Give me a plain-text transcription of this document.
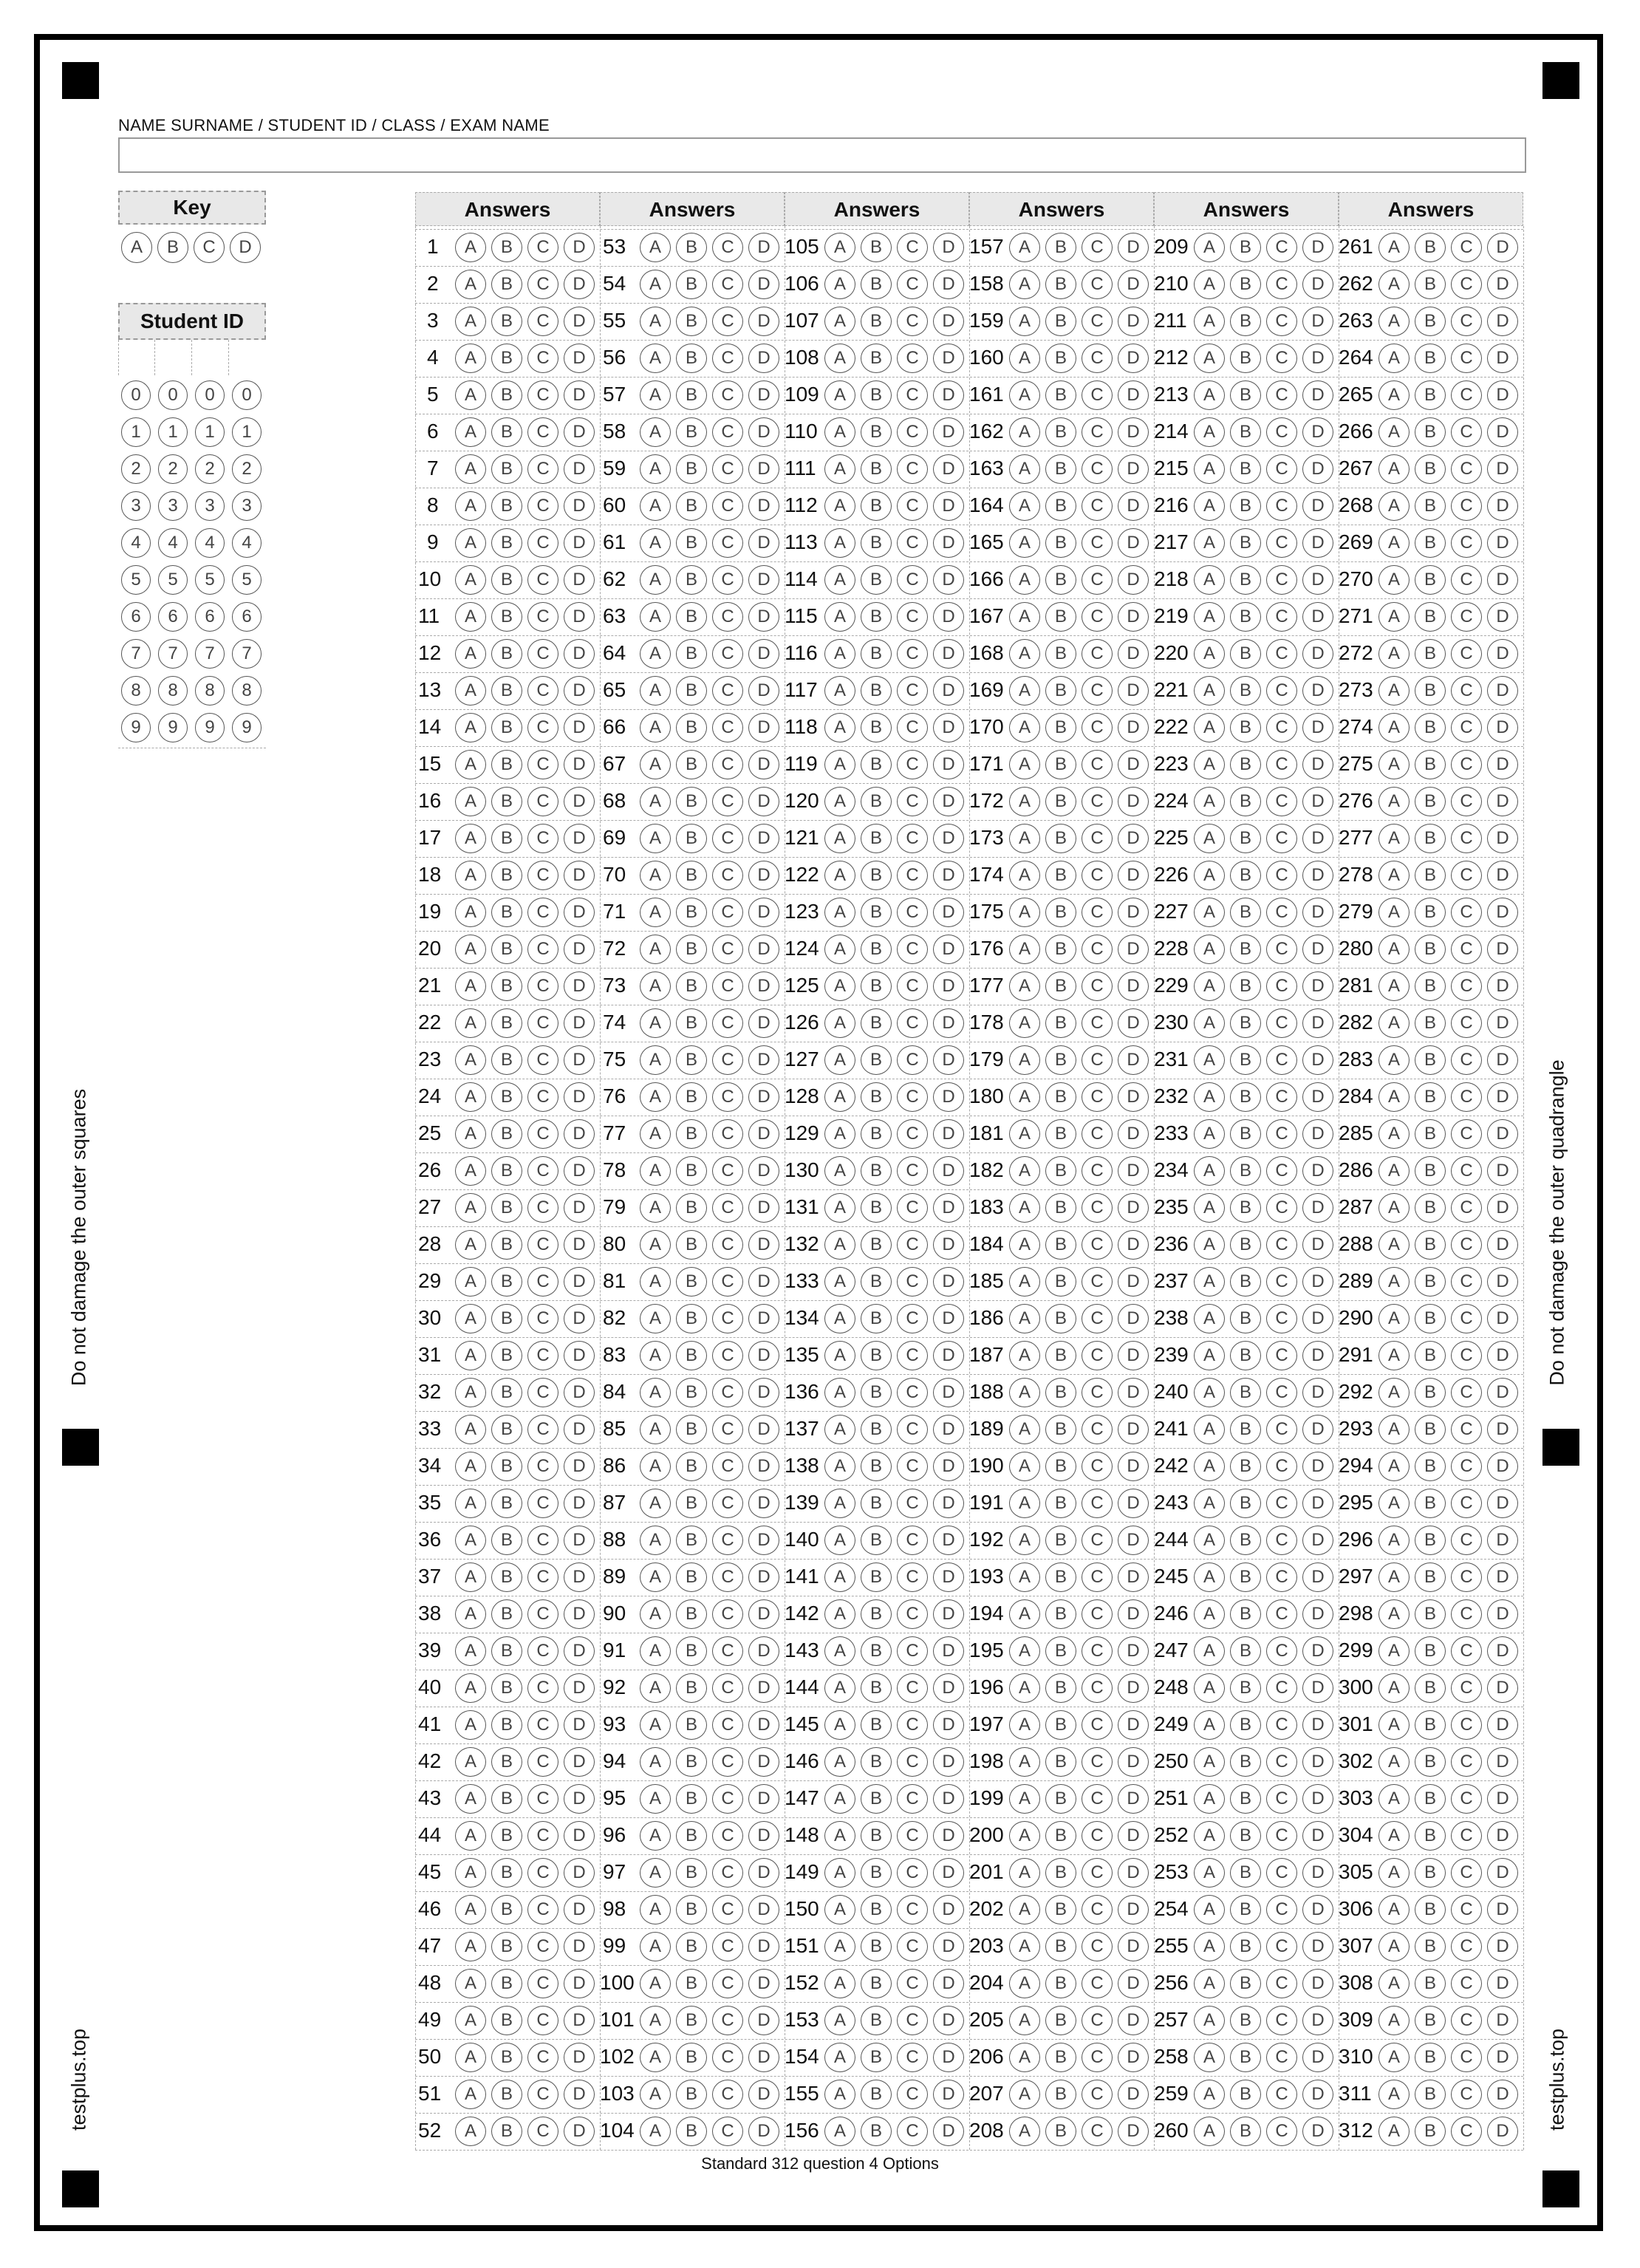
Do not damage the outer squares	Do not damage the outer quadrangle
testplus.top	testplus.top
NAME SURNAME / STUDENT ID / CLASS / EXAM NAME
Key
A	B	C	D
Student ID
0	0	0	0
1	1	1	1
2	2	2	2
3	3	3	3
4	4	4	4
5	5	5	5
6	6	6	6
7	7	7	7
8	8	8	8
9	9	9	9
Answers	Answers	Answers	Answers	Answers	Answers
1	A	B	C	D
2	A	B	C	D
3	A	B	C	D
4	A	B	C	D
5	A	B	C	D
6	A	B	C	D
7	A	B	C	D
8	A	B	C	D
9	A	B	C	D
10	A	B	C	D
11	A	B	C	D
12	A	B	C	D
13	A	B	C	D
14	A	B	C	D
15	A	B	C	D
16	A	B	C	D
17	A	B	C	D
18	A	B	C	D
19	A	B	C	D
20	A	B	C	D
21	A	B	C	D
22	A	B	C	D
23	A	B	C	D
24	A	B	C	D
25	A	B	C	D
26	A	B	C	D
27	A	B	C	D
28	A	B	C	D
29	A	B	C	D
30	A	B	C	D
31	A	B	C	D
32	A	B	C	D
33	A	B	C	D
34	A	B	C	D
35	A	B	C	D
36	A	B	C	D
37	A	B	C	D
38	A	B	C	D
39	A	B	C	D
40	A	B	C	D
41	A	B	C	D
42	A	B	C	D
43	A	B	C	D
44	A	B	C	D
45	A	B	C	D
46	A	B	C	D
47	A	B	C	D
48	A	B	C	D
49	A	B	C	D
50	A	B	C	D
51	A	B	C	D
52	A	B	C	D
53	A	B	C	D
54	A	B	C	D
55	A	B	C	D
56	A	B	C	D
57	A	B	C	D
58	A	B	C	D
59	A	B	C	D
60	A	B	C	D
61	A	B	C	D
62	A	B	C	D
63	A	B	C	D
64	A	B	C	D
65	A	B	C	D
66	A	B	C	D
67	A	B	C	D
68	A	B	C	D
69	A	B	C	D
70	A	B	C	D
71	A	B	C	D
72	A	B	C	D
73	A	B	C	D
74	A	B	C	D
75	A	B	C	D
76	A	B	C	D
77	A	B	C	D
78	A	B	C	D
79	A	B	C	D
80	A	B	C	D
81	A	B	C	D
82	A	B	C	D
83	A	B	C	D
84	A	B	C	D
85	A	B	C	D
86	A	B	C	D
87	A	B	C	D
88	A	B	C	D
89	A	B	C	D
90	A	B	C	D
91	A	B	C	D
92	A	B	C	D
93	A	B	C	D
94	A	B	C	D
95	A	B	C	D
96	A	B	C	D
97	A	B	C	D
98	A	B	C	D
99	A	B	C	D
100 A	B	C	D
101 A	B	C	D
102 A	B	C	D
103 A	B	C	D
104 A	B	C	D
105 A	B	C	D
106 A	B	C	D
107 A	B	C	D
108 A	B	C	D
109 A	B	C	D
110 A	B	C	D
111	A	B	C	D
112 A	B	C	D
113 A	B	C	D
114 A	B	C	D
115 A	B	C	D
116 A	B	C	D
117 A	B	C	D
118 A	B	C	D
119 A	B	C	D
120 A	B	C	D
121 A	B	C	D
122 A	B	C	D
123 A	B	C	D
124 A	B	C	D
125 A	B	C	D
126 A	B	C	D
127 A	B	C	D
128 A	B	C	D
129 A	B	C	D
130 A	B	C	D
131 A	B	C	D
132 A	B	C	D
133 A	B	C	D
134 A	B	C	D
135 A	B	C	D
136 A	B	C	D
137 A	B	C	D
138 A	B	C	D
139 A	B	C	D
140 A	B	C	D
141 A	B	C	D
142 A	B	C	D
143 A	B	C	D
144 A	B	C	D
145 A	B	C	D
146 A	B	C	D
147 A	B	C	D
148 A	B	C	D
149 A	B	C	D
150 A	B	C	D
151 A	B	C	D
152 A	B	C	D
153 A	B	C	D
154 A	B	C	D
155 A	B	C	D
156 A	B	C	D
157 A	B	C	D
158 A	B	C	D
159 A	B	C	D
160 A	B	C	D
161 A	B	C	D
162 A	B	C	D
163 A	B	C	D
164 A	B	C	D
165 A	B	C	D
166 A	B	C	D
167 A	B	C	D
168 A	B	C	D
169 A	B	C	D
170 A	B	C	D
171 A	B	C	D
172 A	B	C	D
173 A	B	C	D
174 A	B	C	D
175 A	B	C	D
176 A	B	C	D
177 A	B	C	D
178 A	B	C	D
179 A	B	C	D
180 A	B	C	D
181 A	B	C	D
182 A	B	C	D
183 A	B	C	D
184 A	B	C	D
185 A	B	C	D
186 A	B	C	D
187 A	B	C	D
188 A	B	C	D
189 A	B	C	D
190 A	B	C	D
191 A	B	C	D
192 A	B	C	D
193 A	B	C	D
194 A	B	C	D
195 A	B	C	D
196 A	B	C	D
197 A	B	C	D
198 A	B	C	D
199 A	B	C	D
200 A	B	C	D
201 A	B	C	D
202 A	B	C	D
203 A	B	C	D
204 A	B	C	D
205 A	B	C	D
206 A	B	C	D
207 A	B	C	D
208 A	B	C	D
209 A	B	C	D
210 A	B	C	D
211 A	B	C	D
212 A	B	C	D
213 A	B	C	D
214 A	B	C	D
215 A	B	C	D
216 A	B	C	D
217 A	B	C	D
218 A	B	C	D
219 A	B	C	D
220 A	B	C	D
221 A	B	C	D
222 A	B	C	D
223 A	B	C	D
224 A	B	C	D
225 A	B	C	D
226 A	B	C	D
227 A	B	C	D
228 A	B	C	D
229 A	B	C	D
230 A	B	C	D
231 A	B	C	D
232 A	B	C	D
233 A	B	C	D
234 A	B	C	D
235 A	B	C	D
236 A	B	C	D
237 A	B	C	D
238 A	B	C	D
239 A	B	C	D
240 A	B	C	D
241 A	B	C	D
242 A	B	C	D
243 A	B	C	D
244 A	B	C	D
245 A	B	C	D
246 A	B	C	D
247 A	B	C	D
248 A	B	C	D
249 A	B	C	D
250 A	B	C	D
251 A	B	C	D
252 A	B	C	D
253 A	B	C	D
254 A	B	C	D
255 A	B	C	D
256 A	B	C	D
257 A	B	C	D
258 A	B	C	D
259 A	B	C	D
260 A	B	C	D
261 A	B	C	D
262 A	B	C	D
263 A	B	C	D
264 A	B	C	D
265 A	B	C	D
266 A	B	C	D
267 A	B	C	D
268 A	B	C	D
269 A	B	C	D
270 A	B	C	D
271 A	B	C	D
272 A	B	C	D
273 A	B	C	D
274 A	B	C	D
275 A	B	C	D
276 A	B	C	D
277 A	B	C	D
278 A	B	C	D
279 A	B	C	D
280 A	B	C	D
281 A	B	C	D
282 A	B	C	D
283 A	B	C	D
284 A	B	C	D
285 A	B	C	D
286 A	B	C	D
287 A	B	C	D
288 A	B	C	D
289 A	B	C	D
290 A	B	C	D
291 A	B	C	D
292 A	B	C	D
293 A	B	C	D
294 A	B	C	D
295 A	B	C	D
296 A	B	C	D
297 A	B	C	D
298 A	B	C	D
299 A	B	C	D
300 A	B	C	D
301 A	B	C	D
302 A	B	C	D
303 A	B	C	D
304 A	B	C	D
305 A	B	C	D
306 A	B	C	D
307 A	B	C	D
308 A	B	C	D
309 A	B	C	D
310 A	B	C	D
311 A	B	C	D
312 A	B	C	D
Standard 312 question 4 Options
